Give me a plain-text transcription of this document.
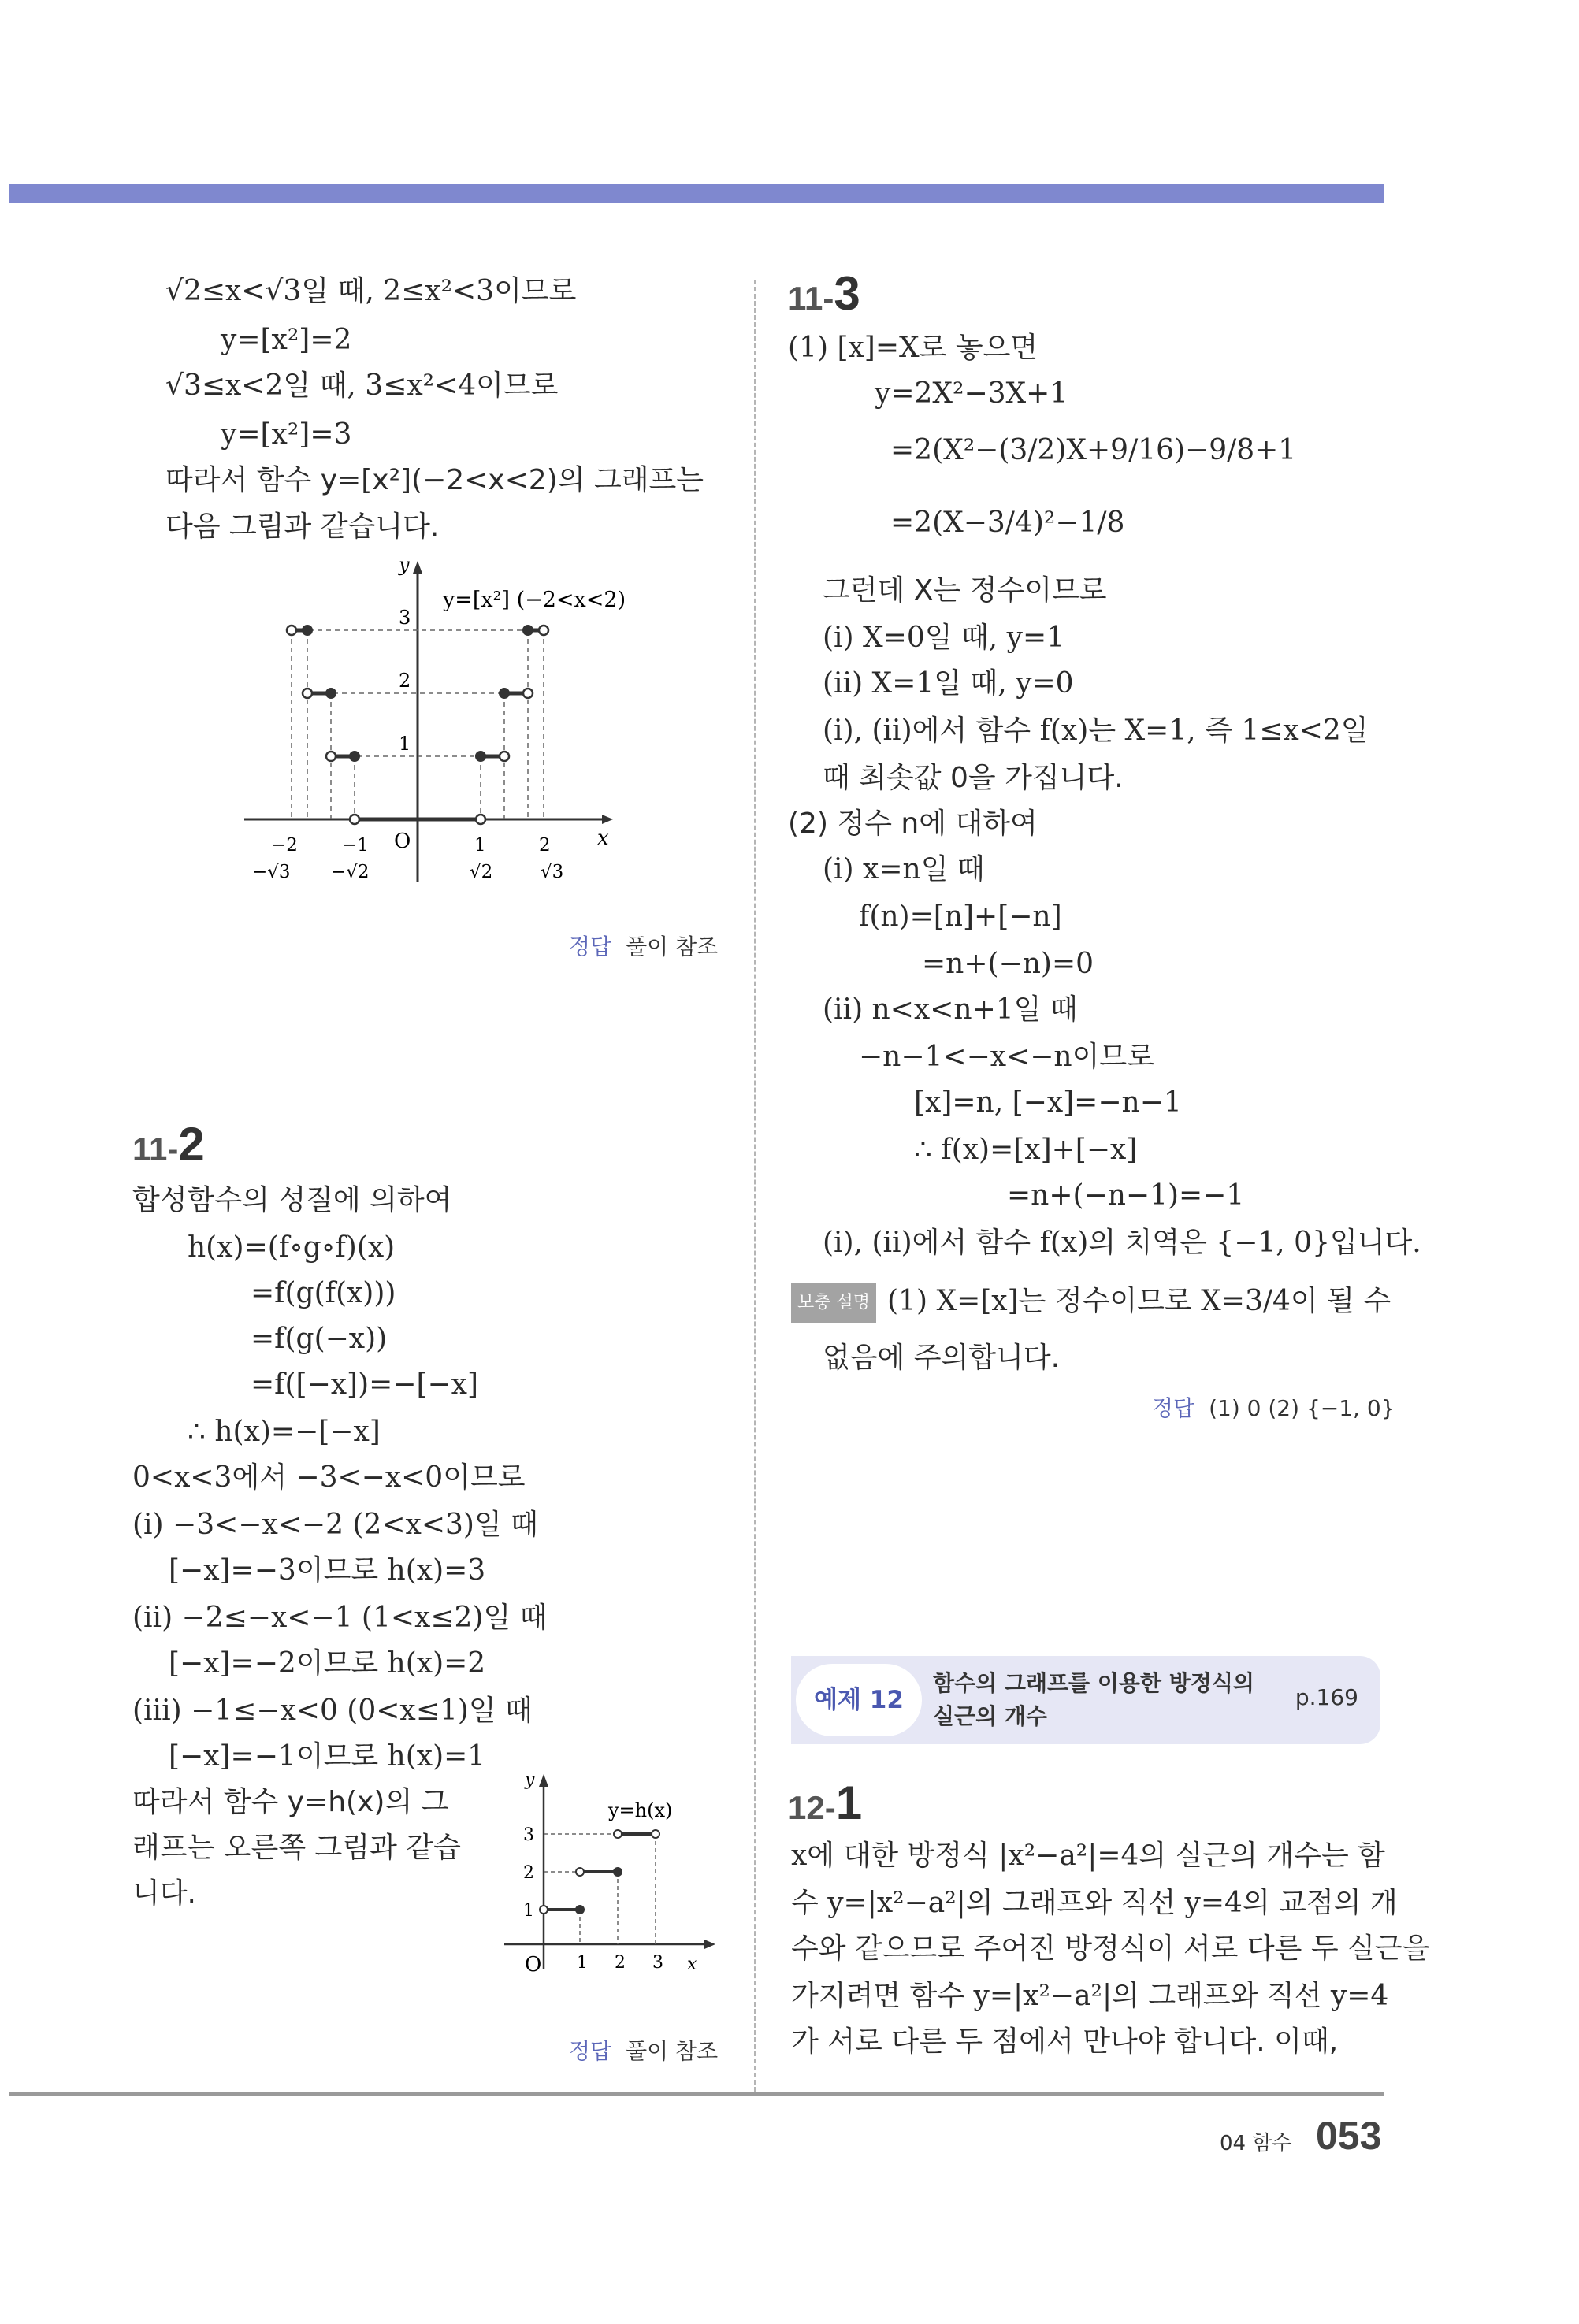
√2≤x<√3일 때, 2≤x²<3이므로
y=[x²]=2
√3≤x<2일 때, 3≤x²<4이므로
y=[x²]=3
따라서 함수 y=[x²](−2<x<2)의 그래프는
다음 그림과 같습니다.
y
x
O
y=[x²] (−2<x<2)
3
2
1
−2 −1	1	2
−√3 −√2	√2	√3
정답 풀이 참조
11-2
합성함수의 성질에 의하여
h(x)=(f∘g∘f)(x)
=f(g(f(x)))
=f(g(−x))
=f([−x])=−[−x]
∴ h(x)=−[−x]
0<x<3에서 −3<−x<0이므로
(i) −3<−x<−2 (2<x<3)일 때
[−x]=−3이므로 h(x)=3
(ii) −2≤−x<−1 (1<x≤2)일 때
[−x]=−2이므로 h(x)=2
(iii) −1≤−x<0 (0<x≤1)일 때
[−x]=−1이므로 h(x)=1
따라서 함수 y=h(x)의 그
래프는 오른쪽 그림과 같습
니다.
y
x
O
y=h(x)
3
2
1
1 2 3
정답 풀이 참조
11-3
(1) [x]=X로 놓으면
y=2X²−3X+1
=2(X²−(3/2)X+9/16)−9/8+1
=2(X−3/4)²−1/8
그런데 X는 정수이므로
(i) X=0일 때, y=1
(ii) X=1일 때, y=0
(i), (ii)에서 함수 f(x)는 X=1, 즉 1≤x<2일
때 최솟값 0을 가집니다.
(2) 정수 n에 대하여
(i) x=n일 때
f(n)=[n]+[−n]
=n+(−n)=0
(ii) n<x<n+1일 때
−n−1<−x<−n이므로
[x]=n, [−x]=−n−1
∴ f(x)=[x]+[−x]
=n+(−n−1)=−1
(i), (ii)에서 함수 f(x)의 치역은 {−1, 0}입니다.
보충 설명 (1) X=[x]는 정수이므로 X=3/4이 될 수
없음에 주의합니다.
정답 (1) 0 (2) {−1, 0}
예제 12
함수의 그래프를 이용한 방정식의
실근의 개수
p.169
12-1
x에 대한 방정식 |x²−a²|=4의 실근의 개수는 함
수 y=|x²−a²|의 그래프와 직선 y=4의 교점의 개
수와 같으므로 주어진 방정식이 서로 다른 두 실근을
가지려면 함수 y=|x²−a²|의 그래프와 직선 y=4
가 서로 다른 두 점에서 만나야 합니다. 이때,
04 함수 053
